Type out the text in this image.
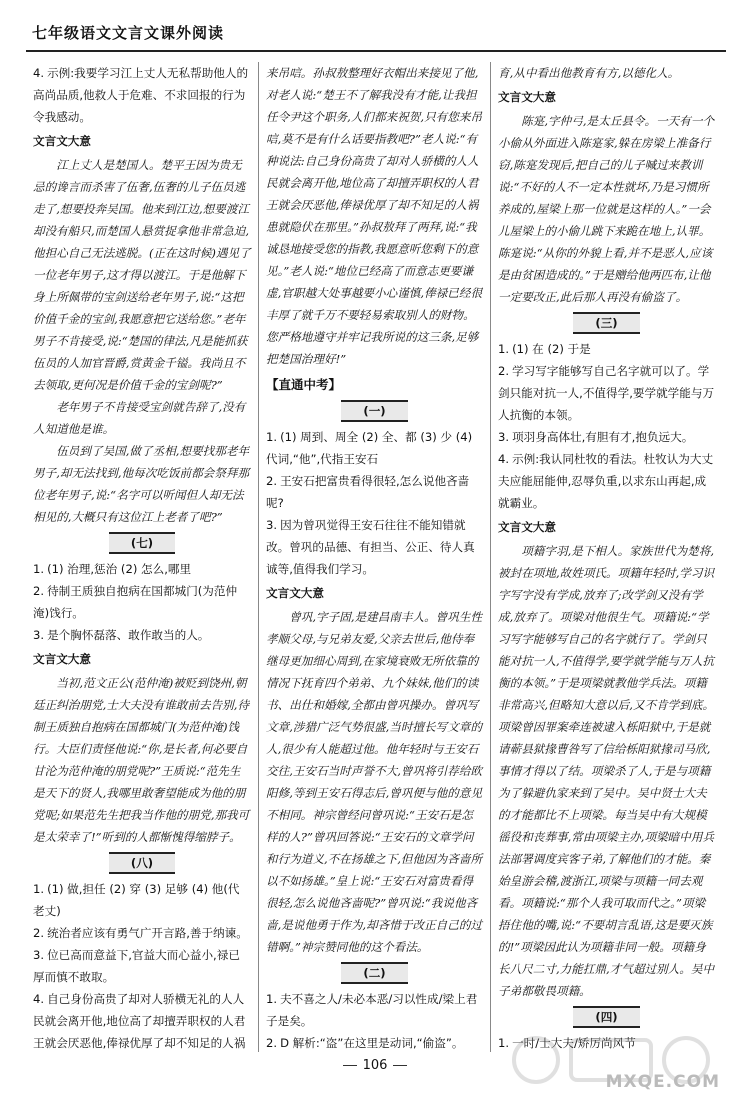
七年级语文文言文课外阅读

4. 示例:我要学习江上丈人无私帮助他人的高尚品质,他救人于危难、不求回报的行为令我感动。

文言文大意

江上丈人是楚国人。楚平王因为贵无忌的谗言而杀害了伍奢,伍奢的儿子伍员逃走了,想要投奔吴国。他来到江边,想要渡江却没有船只,而楚国人悬赏捉拿他非常急迫,他担心自己无法逃脱。(正在这时候)遇见了一位老年男子,这才得以渡江。于是他解下身上所佩带的宝剑送给老年男子,说:“这把价值千金的宝剑,我愿意把它送给您。”老年男子不肯接受,说:“楚国的律法,凡是能抓获伍员的人加官晋爵,赏黄金千镒。我尚且不去领取,更何况是价值千金的宝剑呢?”

老年男子不肯接受宝剑就告辞了,没有人知道他是谁。

伍员到了吴国,做了丞相,想要找那老年男子,却无法找到,他每次吃饭前都会祭拜那位老年男子,说:“名字可以听闻但人却无法相见的,大概只有这位江上老者了吧?”

(七)

1. (1) 治理,惩治 (2) 怎么,哪里

2. 待制王质独自抱病在国都城门(为范仲淹)饯行。

3. 是个胸怀磊落、敢作敢当的人。

文言文大意

当初,范文正公(范仲淹)被贬到饶州,朝廷正纠治朋党,士大夫没有谁敢前去告别,待制王质独自抱病在国都城门(为范仲淹)饯行。大臣们责怪他说:“你,是长者,何必要自甘沦为范仲淹的朋党呢?”王质说:“范先生是天下的贤人,我哪里敢奢望能成为他的朋党呢;如果范先生把我当作他的朋党,那我可是太荣幸了!”听到的人都惭愧得缩脖子。

(八)

1. (1) 做,担任 (2) 穿 (3) 足够 (4) 他(代老丈)

2. 统治者应该有勇气广开言路,善于纳谏。

3. 位已高而意益下,官益大而心益小,禄已厚而慎不敢取。

4. 自己身份高贵了却对人骄横无礼的人人民就会离开他,地位高了却擅弄职权的人君王就会厌恶他,俸禄优厚了却不知足的人祸

来吊唁。孙叔敖整理好衣帽出来接见了他,对老人说:“楚王不了解我没有才能,让我担任令尹这个职务,人们都来祝贺,只有您来吊唁,莫不是有什么话要指教吧?”老人说:“有种说法:自己身份高贵了却对人骄横的人人民就会离开他,地位高了却擅弄职权的人君王就会厌恶他,俸禄优厚了却不知足的人祸患就隐伏在那里。”孙叔敖拜了两拜,说:“我诚恳地接受您的指教,我愿意听您剩下的意见。”老人说:“地位已经高了而意志更要谦虚,官职越大处事越要小心谨慎,俸禄已经很丰厚了就千万不要轻易索取别人的财物。您严格地遵守并牢记我所说的这三条,足够把楚国治理好!”

【直通中考】

(一)

1. (1) 周到、周全 (2) 全、都 (3) 少 (4) 代词,“他”,代指王安石

2. 王安石把富贵看得很轻,怎么说他吝啬呢?

3. 因为曾巩觉得王安石往往不能知错就改。曾巩的品德、有担当、公正、待人真诚等,值得我们学习。

文言文大意

曾巩,字子固,是建昌南丰人。曾巩生性孝顺父母,与兄弟友爱,父亲去世后,他侍奉继母更加细心周到,在家境衰败无所依靠的情况下抚育四个弟弟、九个妹妹,他们的读书、出仕和婚嫁,全都由曾巩操办。曾巩写文章,涉猎广泛气势很盛,当时擅长写文章的人,很少有人能超过他。他年轻时与王安石交往,王安石当时声誉不大,曾巩将引荐给欧阳修,等到王安石得志后,曾巩便与他的意见不相同。神宗曾经问曾巩说:“王安石是怎样的人?”曾巩回答说:“王安石的文章学问和行为道义,不在扬雄之下,但他因为吝啬所以不如扬雄。”皇上说:“王安石对富贵看得很轻,怎么说他吝啬呢?”曾巩说:“我说他吝啬,是说他勇于作为,却吝惜于改正自己的过错啊。”神宗赞同他的这个看法。

(二)

1. 夫不喜之人/未必本恶/习以性成/梁上君子是矣。

2. D 解析:“盗”在这里是动词,“偷盗”。

育,从中看出他教育有方,以德化人。

文言文大意

陈寔,字仲弓,是太丘县令。一天有一个小偷从外面进入陈寔家,躲在房梁上准备行窃,陈寔发现后,把自己的儿子喊过来教训说:“不好的人不一定本性就坏,乃是习惯所养成的,屋梁上那一位就是这样的人。”一会儿屋梁上的小偷儿跳下来跪在地上,认罪。陈寔说:“从你的外貌上看,并不是恶人,应该是由贫困造成的。”于是赠给他两匹布,让他一定要改正,此后那人再没有偷盗了。

(三)

1. (1) 在 (2) 于是

2. 学习写字能够写自己名字就可以了。学剑只能对抗一人,不值得学,要学就学能与万人抗衡的本领。

3. 项羽身高体壮,有胆有才,抱负远大。

4. 示例:我认同杜牧的看法。杜牧认为大丈夫应能屈能伸,忍辱负重,以求东山再起,成就霸业。

文言文大意

项籍字羽,是下相人。家族世代为楚将,被封在项地,故姓项氏。项籍年轻时,学习识字写字没有学成,放弃了;改学剑又没有学成,放弃了。项梁对他很生气。项籍说:“学习写字能够写自己的名字就行了。学剑只能对抗一人,不值得学,要学就学能与万人抗衡的本领。”于是项梁就教他学兵法。项籍非常高兴,但略知大意以后,又不肯学到底。项梁曾因罪案牵连被逮入栎阳狱中,于是就请蕲县狱掾曹咎写了信给栎阳狱掾司马欣,事情才得以了结。项梁杀了人,于是与项籍为了躲避仇家来到了吴中。吴中贤士大夫的才能都比不上项梁。每当吴中有大规模徭役和丧葬事,常由项梁主办,项梁暗中用兵法部署调度宾客子弟,了解他们的才能。秦始皇游会稽,渡浙江,项梁与项籍一同去观看。项籍说:“那个人我可取而代之。”项梁捂住他的嘴,说:“不要胡言乱语,这是要灭族的!”项梁因此认为项籍非同一般。项籍身长八尺二寸,力能扛鼎,才气超过别人。吴中子弟都敬畏项籍。

(四)

1. 一时/士大夫/矫厉尚风节

106
MXQE.COM
